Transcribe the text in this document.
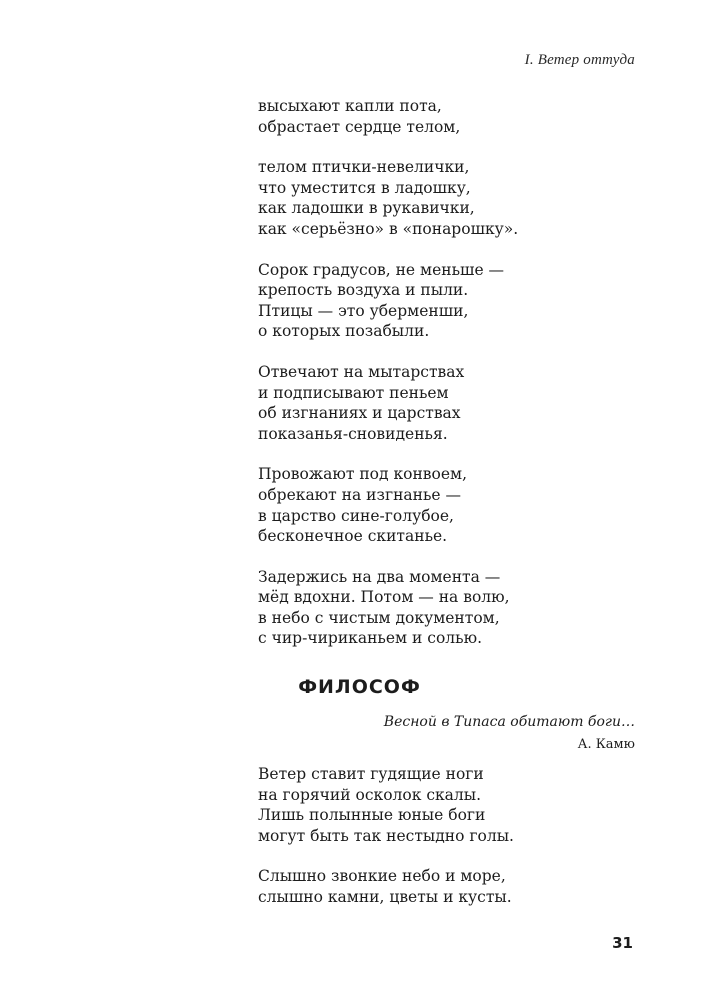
I. Ветер оттуда
высыхают капли пота,
обрастает сердце телом,
телом птички-невелички,
что уместится в ладошку,
как ладошки в рукавички,
как «серьёзно» в «понарошку».
Сорок градусов, не меньше —
крепость воздуха и пыли.
Птицы — это уберменши,
о которых позабыли.
Отвечают на мытарствах
и подписывают пеньем
об изгнаниях и царствах
показанья-сновиденья.
Провожают под конвоем,
обрекают на изгнанье —
в царство сине-голубое,
бесконечное скитанье.
Задержись на два момента —
мёд вдохни. Потом — на волю,
в небо с чистым документом,
с чир-чириканьем и солью.
ФИЛОСОФ
Весной в Типаса обитают боги…
А. Камю
Ветер ставит гудящие ноги
на горячий осколок скалы.
Лишь полынные юные боги
могут быть так нестыдно голы.
Слышно звонкие небо и море,
слышно камни, цветы и кусты.
31
